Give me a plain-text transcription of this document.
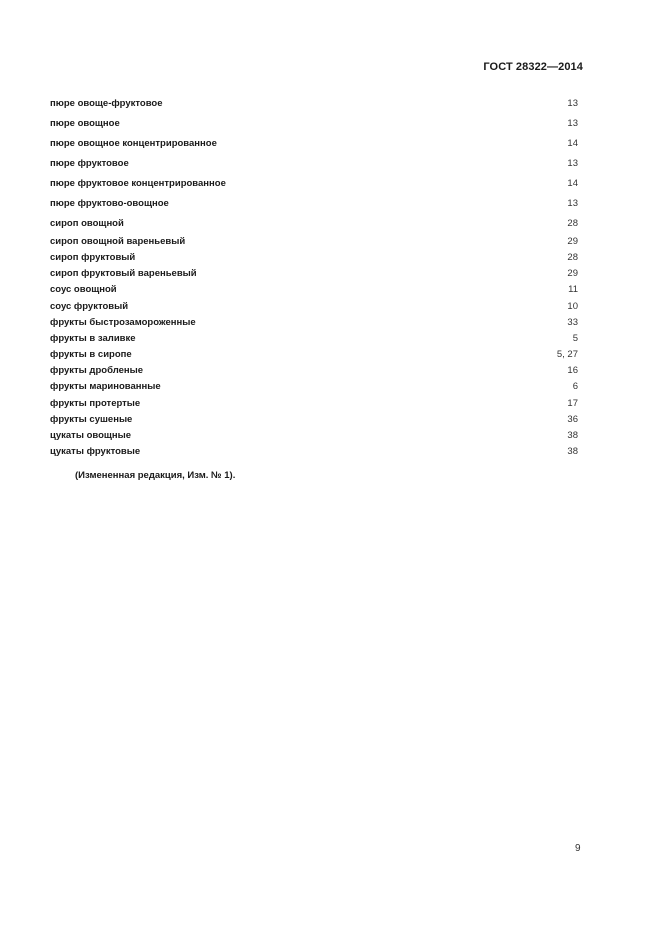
ГОСТ 28322—2014
пюре овоще-фруктовое	13
пюре овощное	13
пюре овощное концентрированное	14
пюре фруктовое	13
пюре фруктовое концентрированное	14
пюре фруктово-овощное	13
сироп овощной	28
сироп овощной вареньевый	29
сироп фруктовый	28
сироп фруктовый вареньевый	29
соус овощной	11
соус фруктовый	10
фрукты быстрозамороженные	33
фрукты в заливке	5
фрукты в сиропе	5, 27
фрукты дробленые	16
фрукты маринованные	6
фрукты протертые	17
фрукты сушеные	36
цукаты овощные	38
цукаты фруктовые	38
(Измененная редакция, Изм. № 1).
9
